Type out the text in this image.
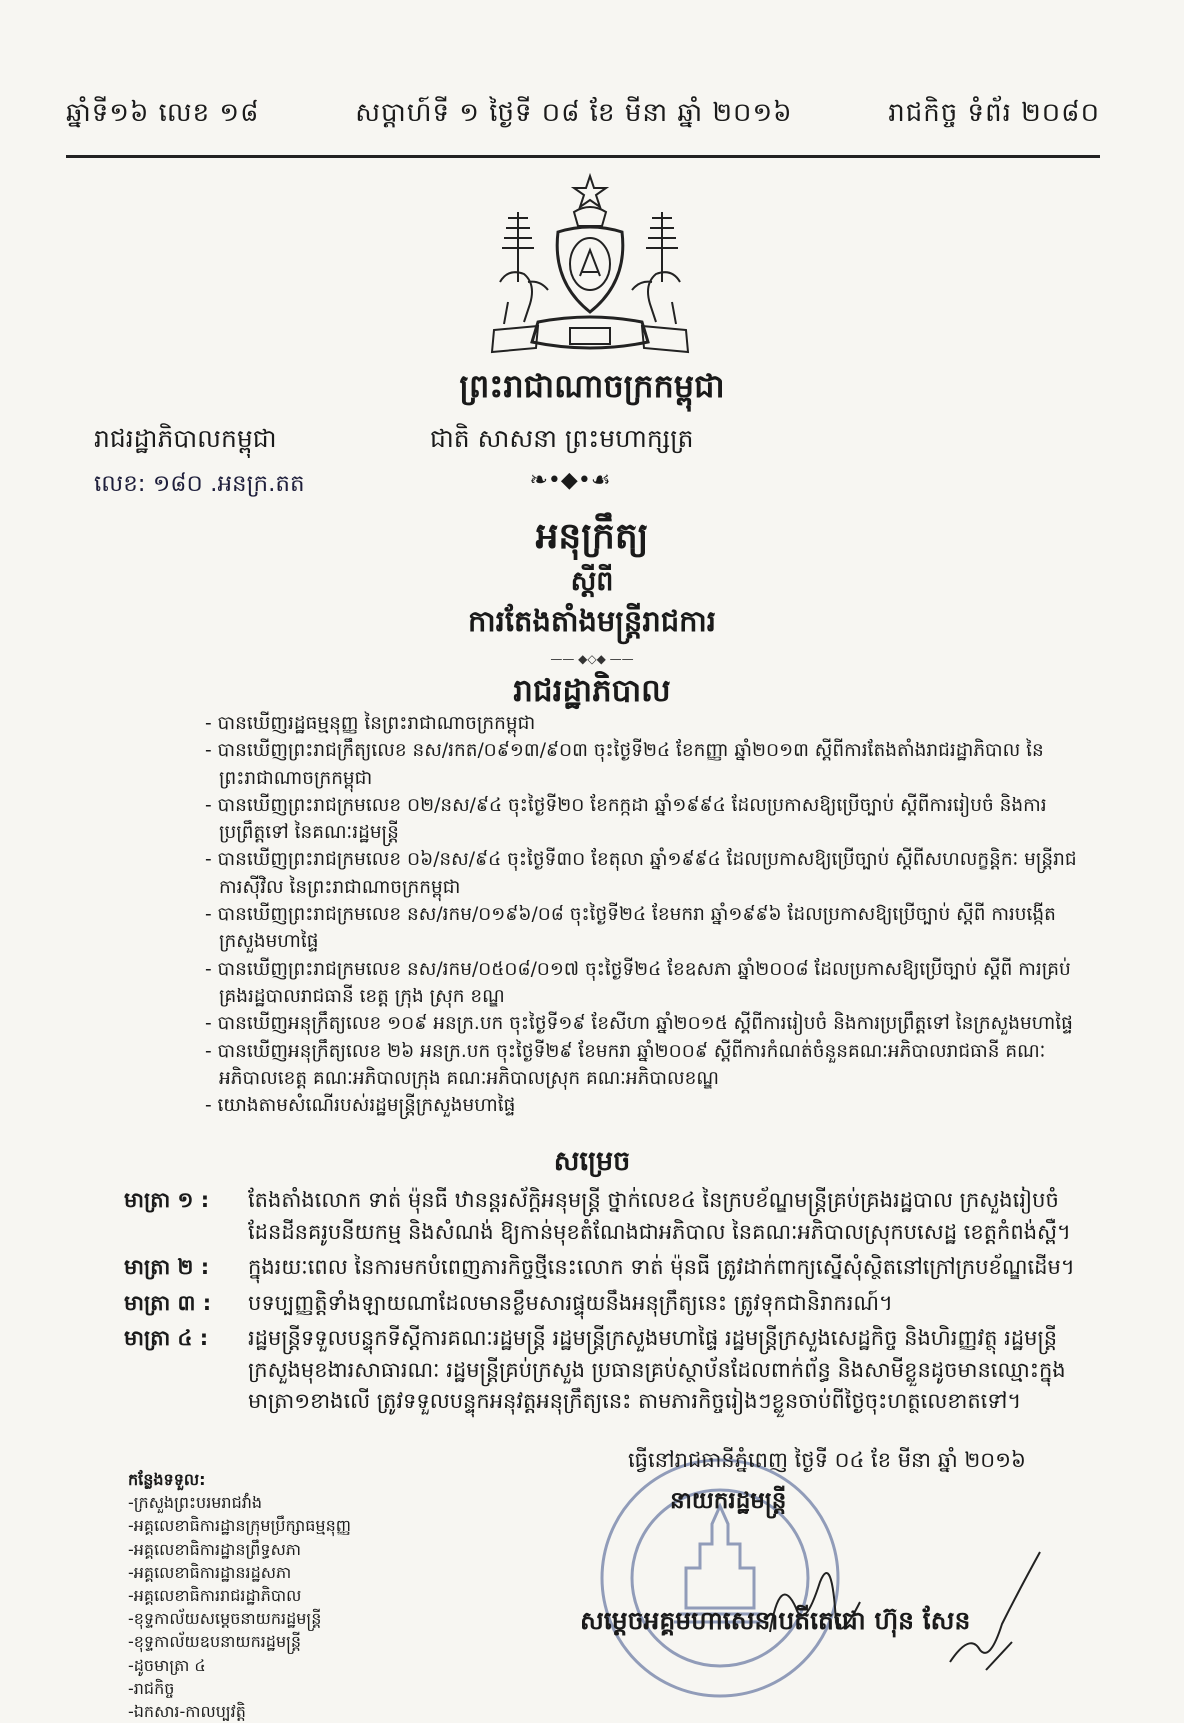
ឆ្នាំទី១៦ លេខ ១៨	សប្តាហ៍ទី ១ ថ្ងៃទី ០៨ ខែ មីនា ឆ្នាំ ២០១៦	រាជកិច្ច ទំព័រ ២០៨០
ព្រះរាជាណាចក្រកម្ពុជា
រាជរដ្ឋាភិបាលកម្ពុជា	ជាតិ សាសនា ព្រះមហាក្សត្រ
លេខ: ១៨០ .អនក្រ.តត	❧•◆•☙
អនុក្រឹត្យ
ស្តីពី
ការតែងតាំងមន្ត្រីរាជការ
—— ◆◇◆ ——
រាជរដ្ឋាភិបាល
- បានឃើញរដ្ឋធម្មនុញ្ញ នៃព្រះរាជាណាចក្រកម្ពុជា
- បានឃើញព្រះរាជក្រឹត្យលេខ នស/រកត/០៩១៣/៩០៣ ចុះថ្ងៃទី២៤ ខែកញ្ញា ឆ្នាំ២០១៣ ស្តីពីការតែងតាំងរាជរដ្ឋាភិបាល នៃព្រះរាជាណាចក្រកម្ពុជា
- បានឃើញព្រះរាជក្រមលេខ ០២/នស/៩៤ ចុះថ្ងៃទី២០ ខែកក្កដា ឆ្នាំ១៩៩៤ ដែលប្រកាសឱ្យប្រើច្បាប់ ស្តីពីការរៀបចំ និងការប្រព្រឹត្តទៅ នៃគណៈរដ្ឋមន្ត្រី
- បានឃើញព្រះរាជក្រមលេខ ០៦/នស/៩៤ ចុះថ្ងៃទី៣០ ខែតុលា ឆ្នាំ១៩៩៤ ដែលប្រកាសឱ្យប្រើច្បាប់ ស្តីពីសហលក្ខន្តិកៈ មន្ត្រីរាជការស៊ីវិល នៃព្រះរាជាណាចក្រកម្ពុជា
- បានឃើញព្រះរាជក្រមលេខ នស/រកម/០១៩៦/០៨ ចុះថ្ងៃទី២៤ ខែមករា ឆ្នាំ១៩៩៦ ដែលប្រកាសឱ្យប្រើច្បាប់ ស្តីពី ការបង្កើតក្រសួងមហាផ្ទៃ
- បានឃើញព្រះរាជក្រមលេខ នស/រកម/០៥០៨/០១៧ ចុះថ្ងៃទី២៤ ខែឧសភា ឆ្នាំ២០០៨ ដែលប្រកាសឱ្យប្រើច្បាប់ ស្តីពី ការគ្រប់គ្រងរដ្ឋបាលរាជធានី ខេត្ត ក្រុង ស្រុក ខណ្ឌ
- បានឃើញអនុក្រឹត្យលេខ ១០៩ អនក្រ.បក ចុះថ្ងៃទី១៩ ខែសីហា ឆ្នាំ២០១៥ ស្តីពីការរៀបចំ និងការប្រព្រឹត្តទៅ នៃក្រសួងមហាផ្ទៃ
- បានឃើញអនុក្រឹត្យលេខ ២៦ អនក្រ.បក ចុះថ្ងៃទី២៩ ខែមករា ឆ្នាំ២០០៩ ស្តីពីការកំណត់ចំនួនគណៈអភិបាលរាជធានី គណៈអភិបាលខេត្ត គណៈអភិបាលក្រុង គណៈអភិបាលស្រុក គណៈអភិបាលខណ្ឌ
- យោងតាមសំណើរបស់រដ្ឋមន្ត្រីក្រសួងមហាផ្ទៃ
សម្រេច
មាត្រា ១ :	តែងតាំងលោក ទាត់ ម៉ុនធី ឋានន្តរស័ក្តិអនុមន្ត្រី ថ្នាក់លេខ៤ នៃក្របខ័ណ្ឌមន្ត្រីគ្រប់គ្រងរដ្ឋបាល ក្រសួងរៀបចំដែនដីនគរូបនីយកម្ម និងសំណង់ ឱ្យកាន់មុខតំណែងជាអភិបាល នៃគណៈអភិបាលស្រុកបសេដ្ឋ ខេត្តកំពង់ស្ពឺ។
មាត្រា ២ :	ក្នុងរយៈពេល នៃការមកបំពេញភារកិច្ចថ្មីនេះលោក ទាត់ ម៉ុនធី ត្រូវដាក់ពាក្យស្នើសុំស្ថិតនៅក្រៅក្របខ័ណ្ឌដើម។
មាត្រា ៣ :	បទប្បញ្ញត្តិទាំងឡាយណាដែលមានខ្លឹមសារផ្ទុយនឹងអនុក្រឹត្យនេះ ត្រូវទុកជានិរាករណ៍។
មាត្រា ៤ :	រដ្ឋមន្ត្រីទទួលបន្ទុកទីស្តីការគណៈរដ្ឋមន្ត្រី រដ្ឋមន្ត្រីក្រសួងមហាផ្ទៃ រដ្ឋមន្ត្រីក្រសួងសេដ្ឋកិច្ច និងហិរញ្ញវត្ថុ រដ្ឋមន្ត្រីក្រសួងមុខងារសាធារណៈ រដ្ឋមន្ត្រីគ្រប់ក្រសួង ប្រធានគ្រប់ស្ថាប័នដែលពាក់ព័ន្ធ និងសាមីខ្លួនដូចមានឈ្មោះក្នុងមាត្រា១ខាងលើ ត្រូវទទួលបន្ទុកអនុវត្តអនុក្រឹត្យនេះ តាមភារកិច្ចរៀងៗខ្លួនចាប់ពីថ្ងៃចុះហត្ថលេខាតទៅ។
ធ្វើនៅរាជធានីភ្នំពេញ ថ្ងៃទី ០៤ ខែ មីនា ឆ្នាំ ២០១៦
នាយករដ្ឋមន្ត្រី
សម្តេចអគ្គមហាសេនាបតីតេជោ ហ៊ុន សែន
កន្លែងទទួល:
-ក្រសួងព្រះបរមរាជវាំង
-អគ្គលេខាធិការដ្ឋានក្រុមប្រឹក្សាធម្មនុញ្ញ
-អគ្គលេខាធិការដ្ឋានព្រឹទ្ធសភា
-អគ្គលេខាធិការដ្ឋានរដ្ឋសភា
-អគ្គលេខាធិការរាជរដ្ឋាភិបាល
-ខុទ្ទកាល័យសម្តេចនាយករដ្ឋមន្ត្រី
-ខុទ្ទកាល័យឧបនាយករដ្ឋមន្ត្រី
-ដូចមាត្រា ៤
-រាជកិច្ច
-ឯកសារ-កាលប្បវត្តិ
